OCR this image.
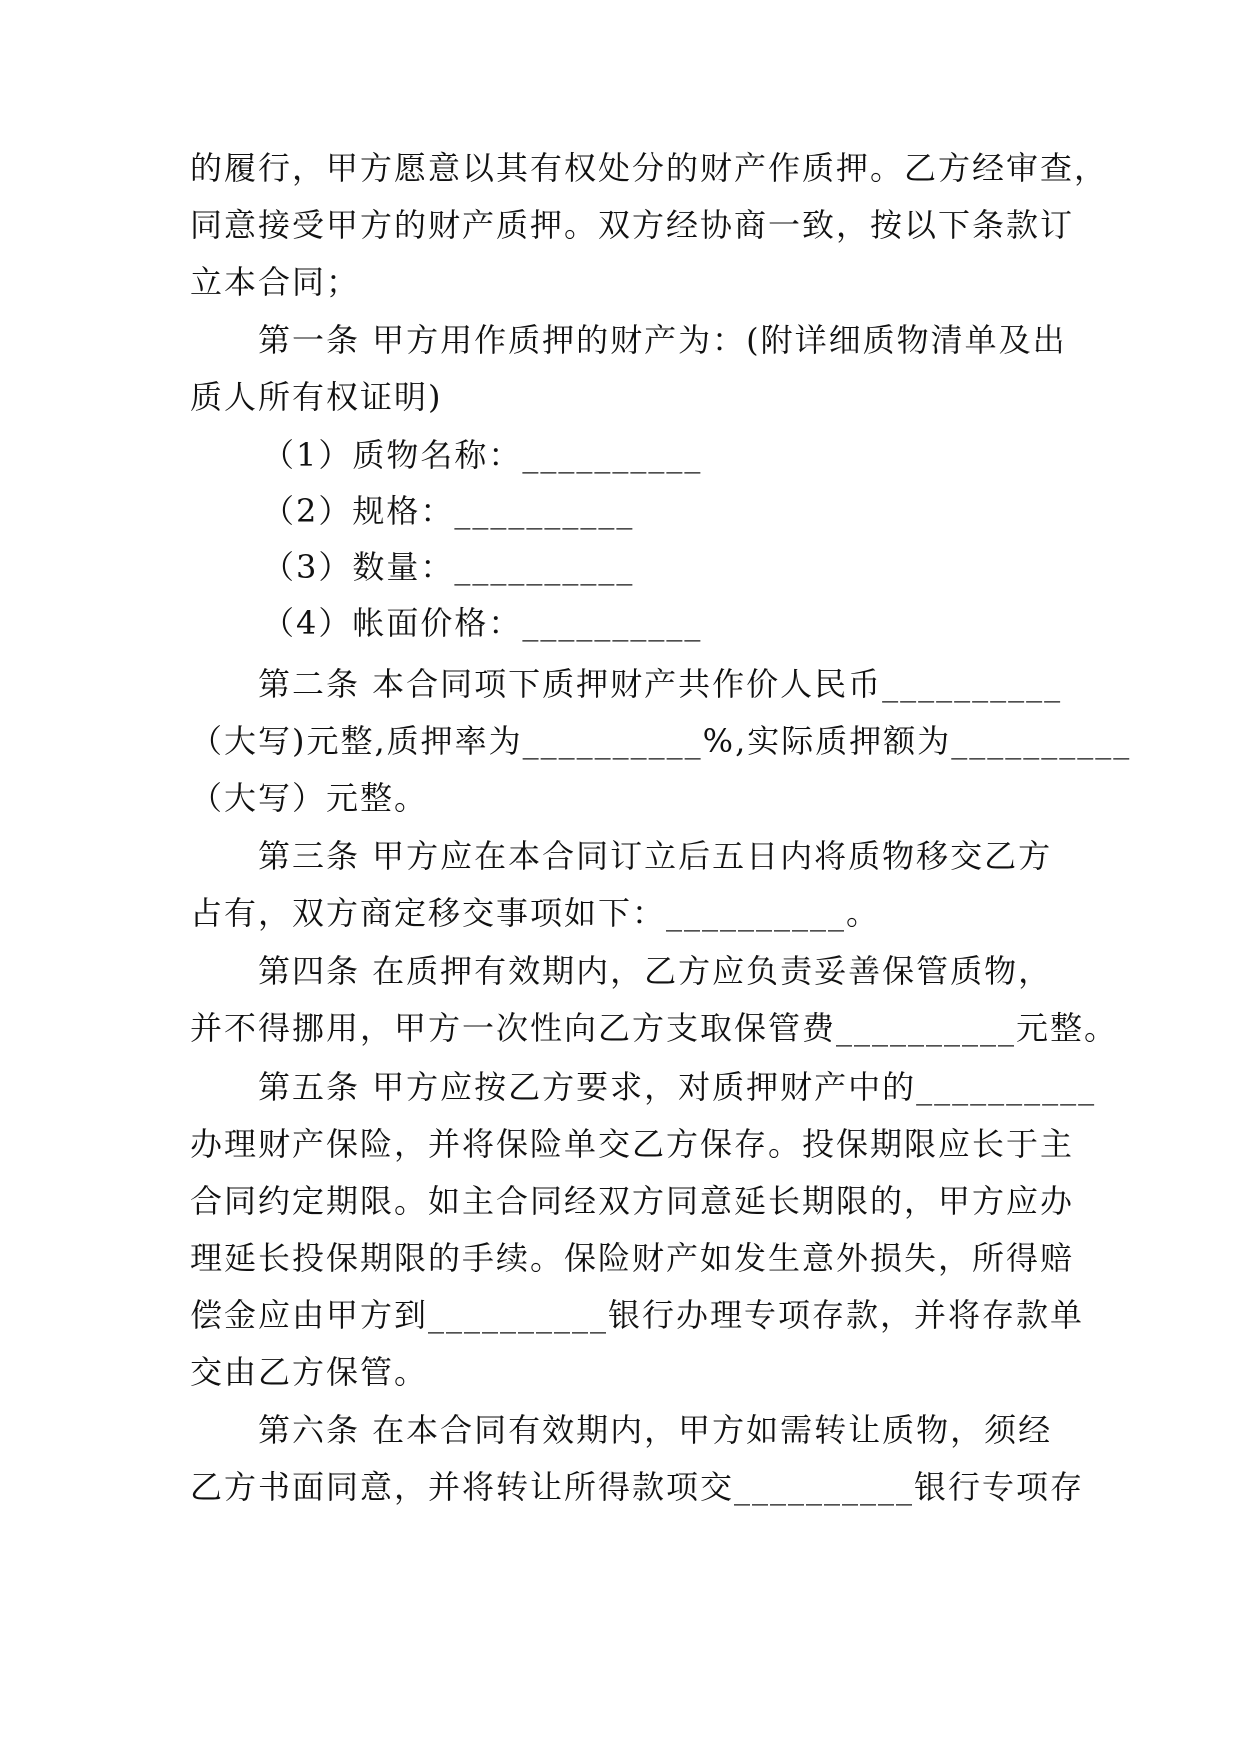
的履行，甲方愿意以其有权处分的财产作质押。乙方经审查，
同意接受甲方的财产质押。双方经协商一致，按以下条款订
立本合同；
第一条 甲方用作质押的财产为：(附详细质物清单及出
质人所有权证明)
（1）质物名称：__________
（2）规格：__________
（3）数量：__________
（4）帐面价格：__________
第二条 本合同项下质押财产共作价人民币__________
（大写)元整,质押率为__________%,实际质押额为__________
（大写）元整。
第三条 甲方应在本合同订立后五日内将质物移交乙方
占有，双方商定移交事项如下：__________。
第四条 在质押有效期内，乙方应负责妥善保管质物，
并不得挪用，甲方一次性向乙方支取保管费__________元整。
第五条 甲方应按乙方要求，对质押财产中的__________
办理财产保险，并将保险单交乙方保存。投保期限应长于主
合同约定期限。如主合同经双方同意延长期限的，甲方应办
理延长投保期限的手续。保险财产如发生意外损失，所得赔
偿金应由甲方到__________银行办理专项存款，并将存款单
交由乙方保管。
第六条 在本合同有效期内，甲方如需转让质物，须经
乙方书面同意，并将转让所得款项交__________银行专项存
